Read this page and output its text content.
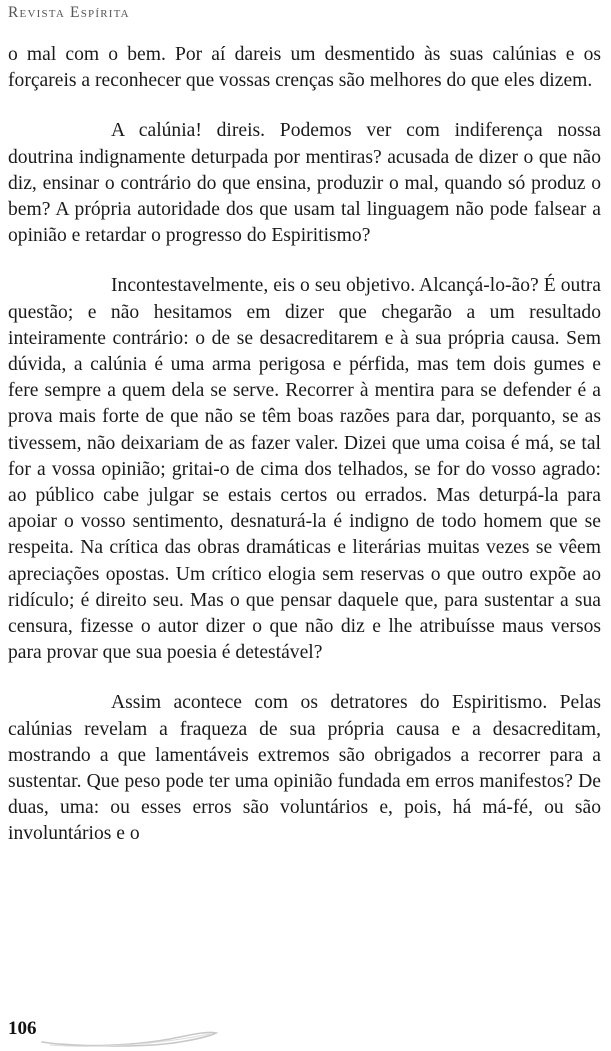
Revista Espírita

o mal com o bem. Por aí dareis um desmentido às suas calúnias e os forçareis a reconhecer que vossas crenças são melhores do que eles dizem.

A calúnia! direis. Podemos ver com indiferença nossa doutrina indignamente deturpada por mentiras? acusada de dizer o que não diz, ensinar o contrário do que ensina, produzir o mal, quando só produz o bem? A própria autoridade dos que usam tal linguagem não pode falsear a opinião e retardar o progresso do Espiritismo?

Incontestavelmente, eis o seu objetivo. Alcançá-lo-ão? É outra questão; e não hesitamos em dizer que chegarão a um resultado inteiramente contrário: o de se desacreditarem e à sua própria causa. Sem dúvida, a calúnia é uma arma perigosa e pérfida, mas tem dois gumes e fere sempre a quem dela se serve. Recorrer à mentira para se defender é a prova mais forte de que não se têm boas razões para dar, porquanto, se as tivessem, não deixariam de as fazer valer. Dizei que uma coisa é má, se tal for a vossa opinião; gritai-o de cima dos telhados, se for do vosso agrado: ao público cabe julgar se estais certos ou errados. Mas deturpá-la para apoiar o vosso sentimento, desnaturá-la é indigno de todo homem que se respeita. Na crítica das obras dramáticas e literárias muitas vezes se vêem apreciações opostas. Um crítico elogia sem reservas o que outro expõe ao ridículo; é direito seu. Mas o que pensar daquele que, para sustentar a sua censura, fizesse o autor dizer o que não diz e lhe atribuísse maus versos para provar que sua poesia é detestável?

Assim acontece com os detratores do Espiritismo. Pelas calúnias revelam a fraqueza de sua própria causa e a desacreditam, mostrando a que lamentáveis extremos são obrigados a recorrer para a sustentar. Que peso pode ter uma opinião fundada em erros manifestos? De duas, uma: ou esses erros são voluntários e, pois, há má-fé, ou são involuntários e o

106
